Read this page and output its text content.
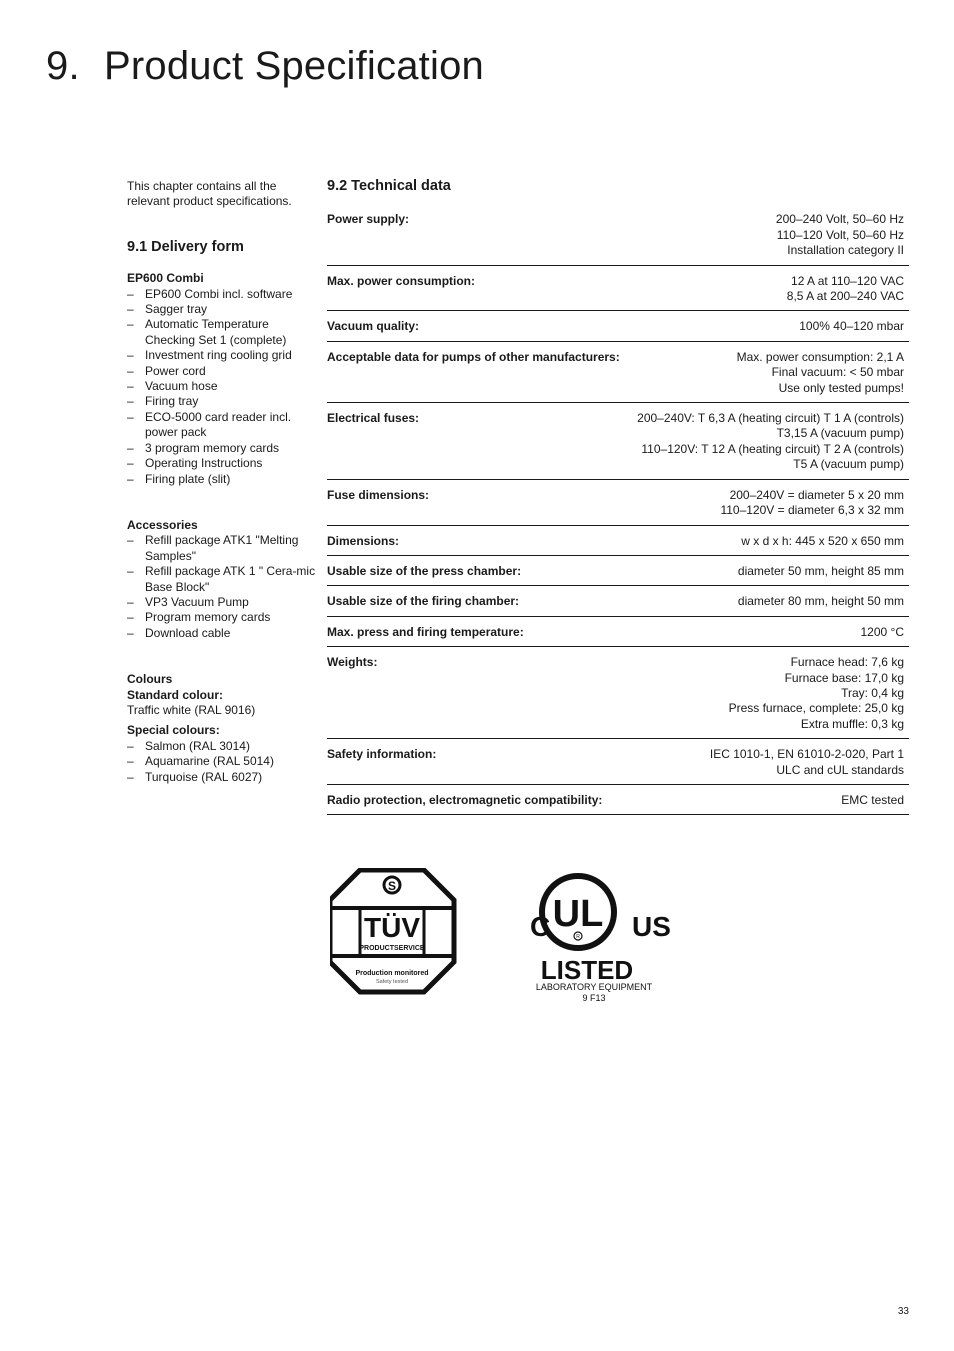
9. Product Specification

This chapter contains all the relevant product specifications.

9.1 Delivery form

EP600 Combi

– EP600 Combi incl. software
– Sagger tray
– Automatic Temperature Checking Set 1 (complete)
– Investment ring cooling grid
– Power cord
– Vacuum hose
– Firing tray
– ECO-5000 card reader incl. power pack
– 3 program memory cards
– Operating Instructions
– Firing plate (slit)

Accessories

– Refill package ATK1 "Melting Samples"
– Refill package ATK 1 " Cera-mic Base Block"
– VP3 Vacuum Pump
– Program memory cards
– Download cable

Colours

Standard colour:

Traffic white (RAL 9016)

Special colours:

– Salmon (RAL 3014)
– Aquamarine (RAL 5014)
– Turquoise (RAL 6027)
9.2 Technical data
Power supply:	200–240 Volt, 50–60 Hz
110–120 Volt, 50–60 Hz
Installation category II
Max. power consumption:	12 A at 110–120 VAC
8,5 A at 200–240 VAC
Vacuum quality:	100% 40–120 mbar
Acceptable data for pumps of other manufacturers:	Max. power consumption: 2,1 A
Final vacuum: < 50 mbar
Use only tested pumps!
Electrical fuses:	200–240V: T 6,3 A (heating circuit) T 1 A (controls)
T3,15 A (vacuum pump)
110–120V: T 12 A (heating circuit) T 2 A (controls)
T5 A (vacuum pump)
Fuse dimensions:	200–240V = diameter 5 x 20 mm
110–120V = diameter 6,3 x 32 mm
Dimensions:	w x d x h: 445 x 520 x 650 mm
Usable size of the press chamber:	diameter 50 mm, height 85 mm
Usable size of the firing chamber:	diameter 80 mm, height 50 mm
Max. press and firing temperature:	1200 °C
Weights:	Furnace head: 7,6 kg
Furnace base: 17,0 kg
Tray: 0,4 kg
Press furnace, complete: 25,0 kg
Extra muffle: 0,3 kg
Safety information:	IEC 1010-1, EN 61010-2-020, Part 1
ULC and cUL standards
Radio protection, electromagnetic compatibility:	EMC tested
S
TÜV
PRODUCTSERVICE
Production monitored
Safety tested
C UL
R US
LISTED
LABORATORY EQUIPMENT
9 F13
33
